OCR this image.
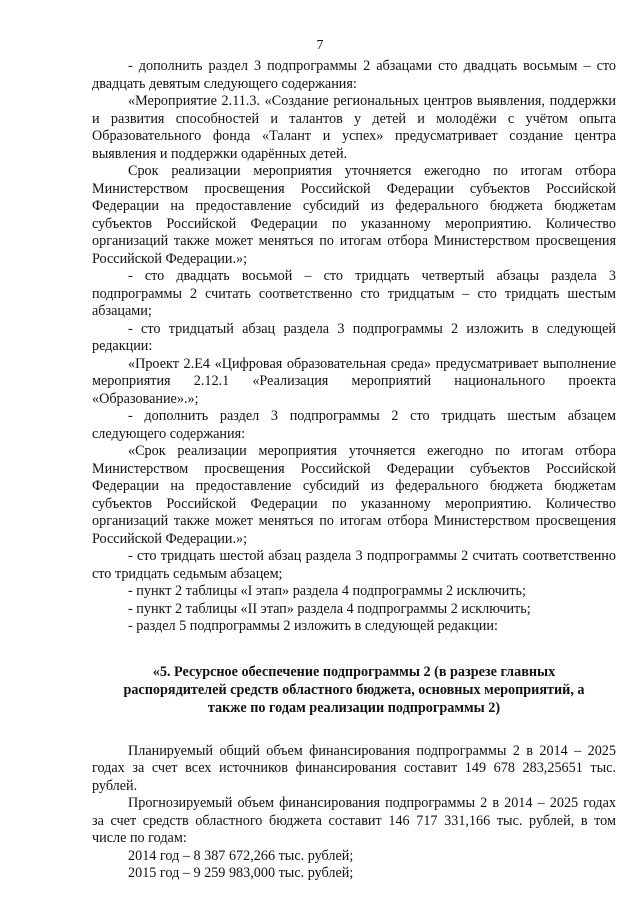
7

- дополнить раздел 3 подпрограммы 2 абзацами сто двадцать восьмым – сто двадцать девятым следующего содержания:

«Мероприятие 2.11.3. «Создание региональных центров выявления, поддержки и развития способностей и талантов у детей и молодёжи с учётом опыта Образовательного фонда «Талант и успех» предусматривает создание центра выявления и поддержки одарённых детей.

Срок реализации мероприятия уточняется ежегодно по итогам отбора Министерством просвещения Российской Федерации субъектов Российской Федерации на предоставление субсидий из федерального бюджета бюджетам субъектов Российской Федерации по указанному мероприятию. Количество организаций также может меняться по итогам отбора Министерством просвещения Российской Федерации.»;

- сто двадцать восьмой – сто тридцать четвертый абзацы раздела 3 подпрограммы 2 считать соответственно сто тридцатым – сто тридцать шестым абзацами;

- сто тридцатый абзац раздела 3 подпрограммы 2 изложить в следующей редакции:

«Проект 2.Е4 «Цифровая образовательная среда» предусматривает выполнение мероприятия 2.12.1 «Реализация мероприятий национального проекта «Образование».»;

- дополнить раздел 3 подпрограммы 2 сто тридцать шестым абзацем следующего содержания:

«Срок реализации мероприятия уточняется ежегодно по итогам отбора Министерством просвещения Российской Федерации субъектов Российской Федерации на предоставление субсидий из федерального бюджета бюджетам субъектов Российской Федерации по указанному мероприятию. Количество организаций также может меняться по итогам отбора Министерством просвещения Российской Федерации.»;

- сто тридцать шестой абзац раздела 3 подпрограммы 2 считать соответственно сто тридцать седьмым абзацем;

- пункт 2 таблицы «I этап» раздела 4 подпрограммы 2 исключить;

- пункт 2 таблицы «II этап» раздела 4 подпрограммы 2 исключить;

- раздел 5 подпрограммы 2 изложить в следующей редакции:

«5. Ресурсное обеспечение подпрограммы 2 (в разрезе главных распорядителей средств областного бюджета, основных мероприятий, а также по годам реализации подпрограммы 2)

Планируемый общий объем финансирования подпрограммы 2 в 2014 – 2025 годах за счет всех источников финансирования составит 149 678 283,25651 тыс. рублей.

Прогнозируемый объем финансирования подпрограммы 2 в 2014 – 2025 годах за счет средств областного бюджета составит 146 717 331,166 тыс. рублей, в том числе по годам:

2014 год – 8 387 672,266 тыс. рублей;

2015 год – 9 259 983,000 тыс. рублей;
